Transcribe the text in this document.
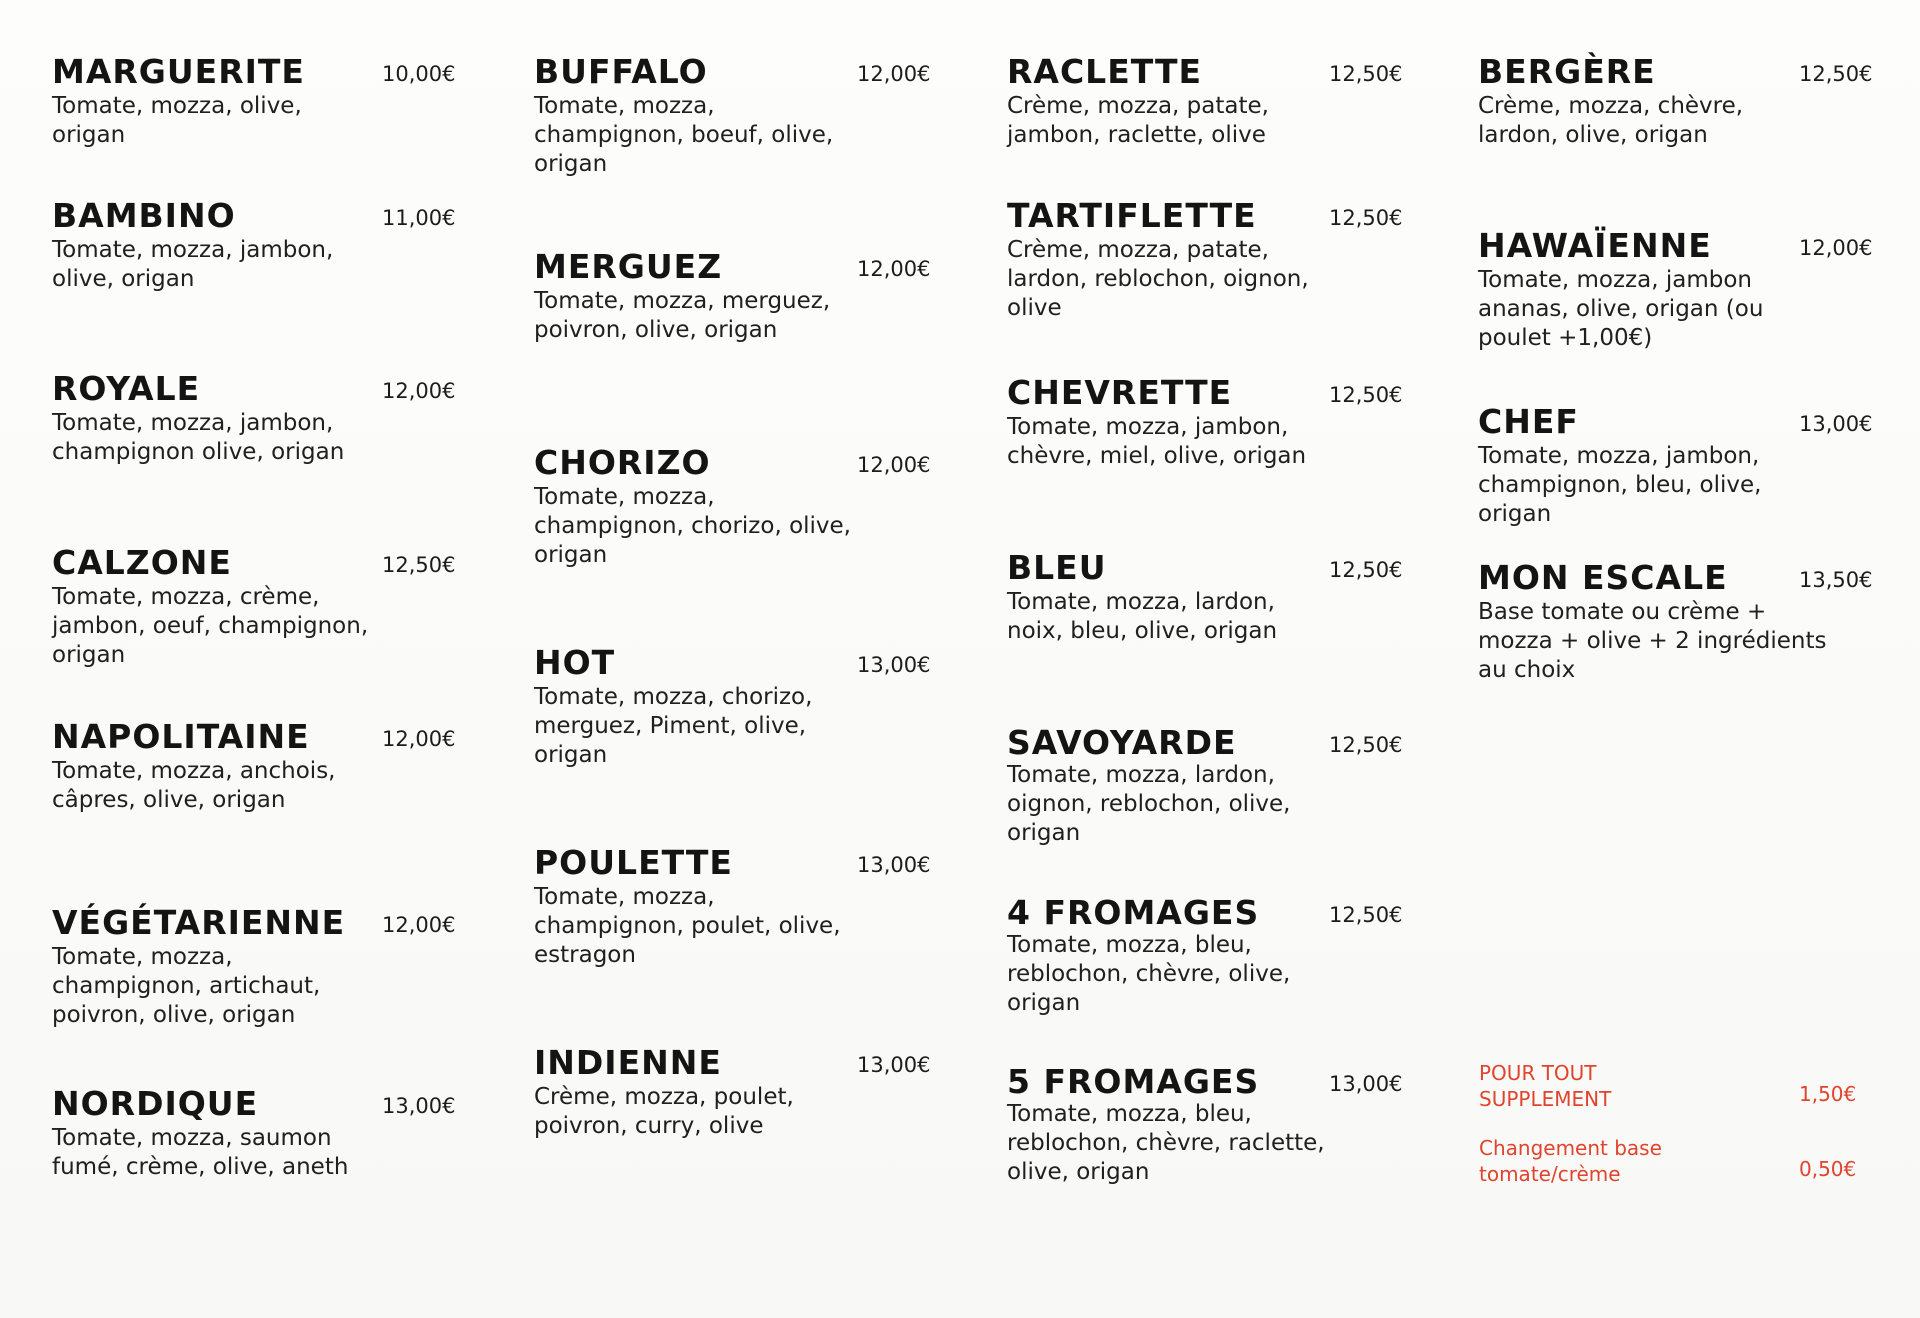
MARGUERITE	10,00€
Tomate, mozza, olive, origan
BAMBINO	11,00€
Tomate, mozza, jambon, olive, origan
ROYALE	12,00€
Tomate, mozza, jambon, champignon olive, origan
CALZONE	12,50€
Tomate, mozza, crème, jambon, oeuf, champignon, origan
NAPOLITAINE	12,00€
Tomate, mozza, anchois, câpres, olive, origan
VÉGÉTARIENNE 12,00€
Tomate, mozza, champignon, artichaut, poivron, olive, origan
NORDIQUE	13,00€
Tomate, mozza, saumon fumé, crème, olive, aneth
BUFFALO	12,00€
Tomate, mozza, champignon, boeuf, olive, origan
MERGUEZ	12,00€
Tomate, mozza, merguez, poivron, olive, origan
CHORIZO	12,00€
Tomate, mozza, champignon, chorizo, olive, origan
HOT	13,00€
Tomate, mozza, chorizo, merguez, Piment, olive, origan
POULETTE	13,00€
Tomate, mozza, champignon, poulet, olive, estragon
INDIENNE	13,00€
Crème, mozza, poulet, poivron, curry, olive
RACLETTE	12,50€
Crème, mozza, patate, jambon, raclette, olive
TARTIFLETTE	12,50€
Crème, mozza, patate, lardon, reblochon, oignon, olive
CHEVRETTE	12,50€
Tomate, mozza, jambon, chèvre, miel, olive, origan
BLEU	12,50€
Tomate, mozza, lardon, noix, bleu, olive, origan
SAVOYARDE	12,50€
Tomate, mozza, lardon, oignon, reblochon, olive, origan
4 FROMAGES	12,50€
Tomate, mozza, bleu, reblochon, chèvre, olive, origan
5 FROMAGES	13,00€
Tomate, mozza, bleu, reblochon, chèvre, raclette, olive, origan
BERGÈRE	12,50€
Crème, mozza, chèvre, lardon, olive, origan
HAWAÏENNE	12,00€
Tomate, mozza, jambon ananas, olive, origan (ou poulet +1,00€)
CHEF	13,00€
Tomate, mozza, jambon, champignon, bleu, olive, origan
MON ESCALE	13,50€
Base tomate ou crème + mozza + olive + 2 ingrédients au choix
POUR TOUT SUPPLEMENT	1,50€
Changement base tomate/crème	0,50€
